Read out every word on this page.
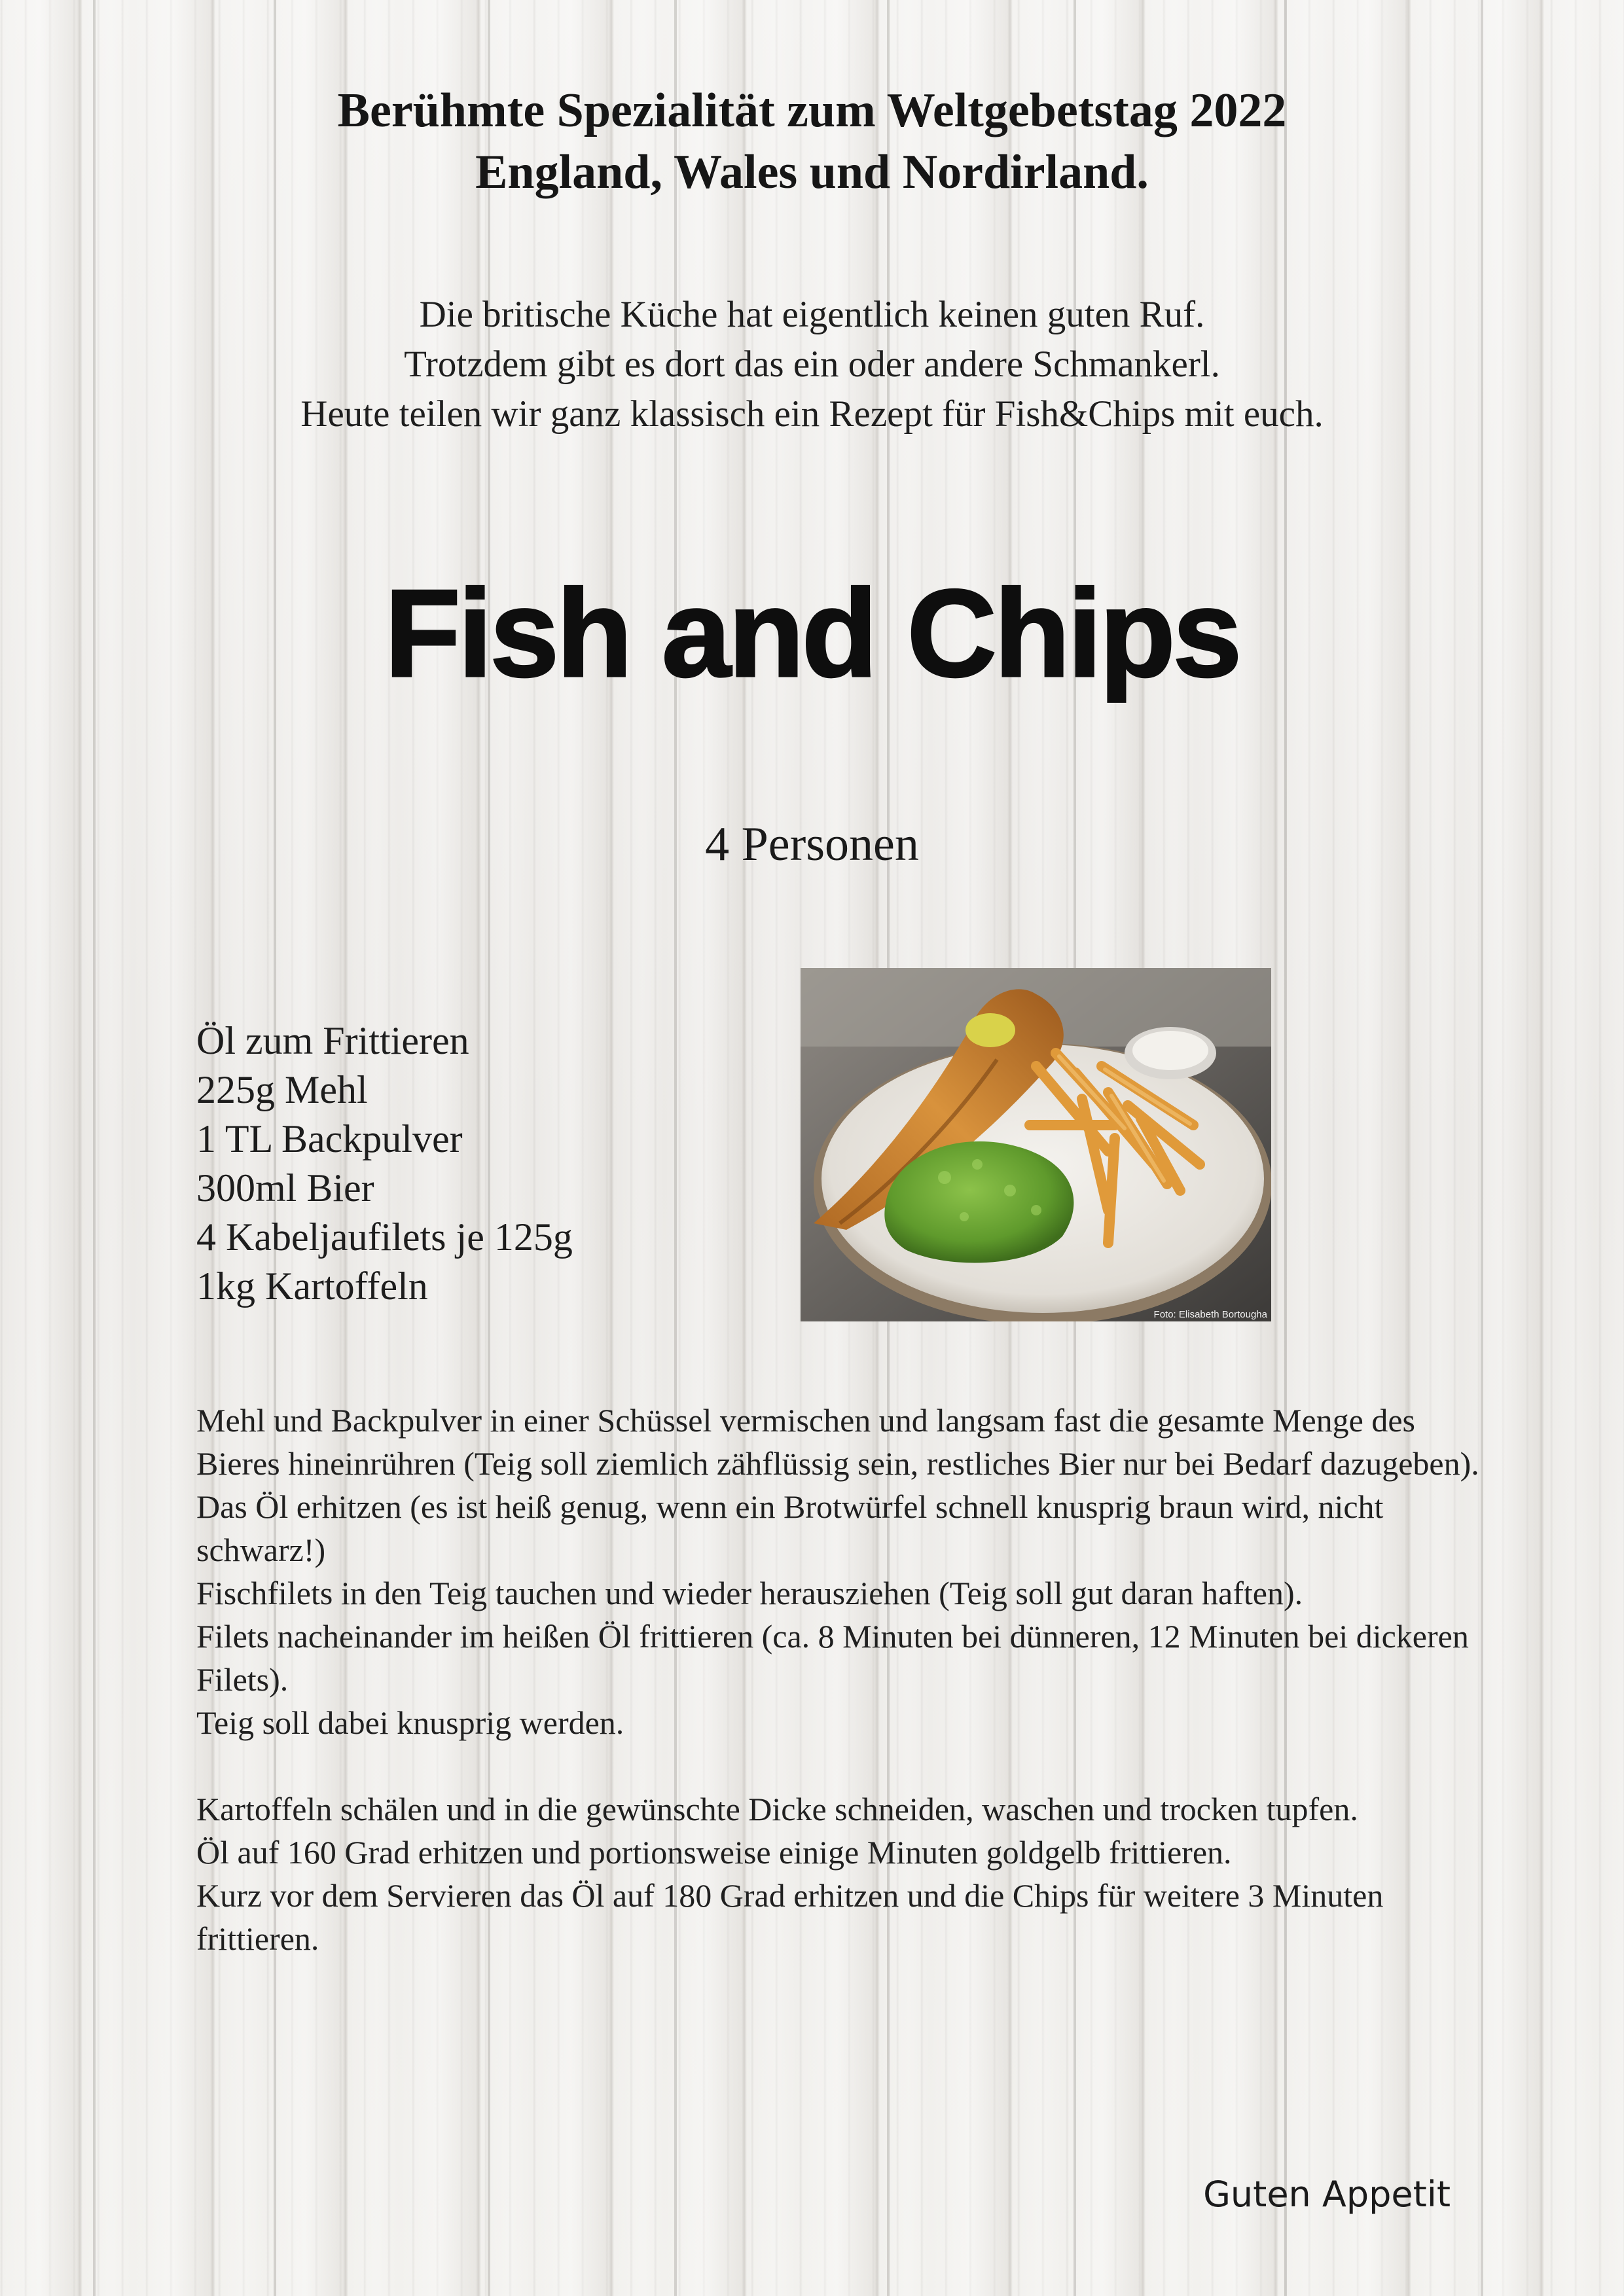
Berühmte Spezialität zum Weltgebetstag 2022
England, Wales und Nordirland.
Die britische Küche hat eigentlich keinen guten Ruf.
Trotzdem gibt es dort das ein oder andere Schmankerl.
Heute teilen wir ganz klassisch ein Rezept für Fish&Chips mit euch.
Fish and Chips
4 Personen
Öl zum Frittieren
225g Mehl
1 TL Backpulver
300ml Bier
4 Kabeljaufilets je 125g
1kg Kartoffeln
Foto: Elisabeth Bortougha

Mehl und Backpulver in einer Schüssel vermischen und langsam fast die gesamte Menge des Bieres hineinrühren (Teig soll ziemlich zähflüssig sein, restliches Bier nur bei Bedarf dazugeben).

Das Öl erhitzen (es ist heiß genug, wenn ein Brotwürfel schnell knusprig braun wird, nicht schwarz!)

Fischfilets in den Teig tauchen und wieder herausziehen (Teig soll gut daran haften).

Filets nacheinander im heißen Öl frittieren (ca. 8 Minuten bei dünneren, 12 Minuten bei dickeren Filets).

Teig soll dabei knusprig werden.

Kartoffeln schälen und in die gewünschte Dicke schneiden, waschen und trocken tupfen.

Öl auf 160 Grad erhitzen und portionsweise einige Minuten goldgelb frittieren.

Kurz vor dem Servieren das Öl auf 180 Grad erhitzen und die Chips für weitere 3 Minuten frittieren.

Guten Appetit
